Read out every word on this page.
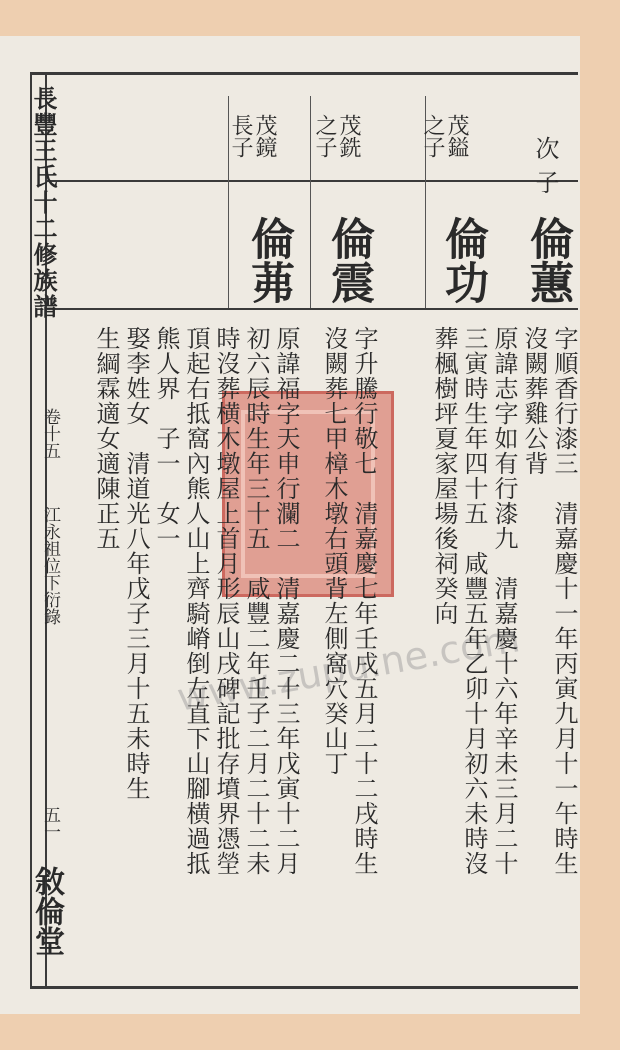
長豐王氏十二修族譜
卷十五
江永祖位下衍錄
五一
敘倫堂
次子
茂鎰之子
茂銑之子
茂鏡長子
倫蕙
倫功
倫震
倫茀
www.zupu.ne.com 字順香行漆三　清嘉慶十一年丙寅九月十一午時生
沒闕葬雞公背
原諱志字如有行漆九　清嘉慶十六年辛未三月二十
三寅時生年四十五　咸豐五年乙卯十月初六未時沒
葬楓樹坪夏家屋場後祠癸向
字升騰行敬七　清嘉慶七年壬戌五月二十二戌時生
沒闕葬七甲樟木墩右頭背左側窩穴癸山丁
原諱福字天申行瀾二　清嘉慶二十三年戊寅十二月
初六辰時生年三十五　咸豐二年壬子二月二十二未
時沒葬横木墩屋上首月形辰山戌碑記批存墳界憑塋
頂起右抵窩內熊人山上齊騎嵴倒左直下山腳横過抵
熊人界　子一　女一
娶李姓女　清道光八年戊子三月十五未時生
生綱霖適女適陳正五
